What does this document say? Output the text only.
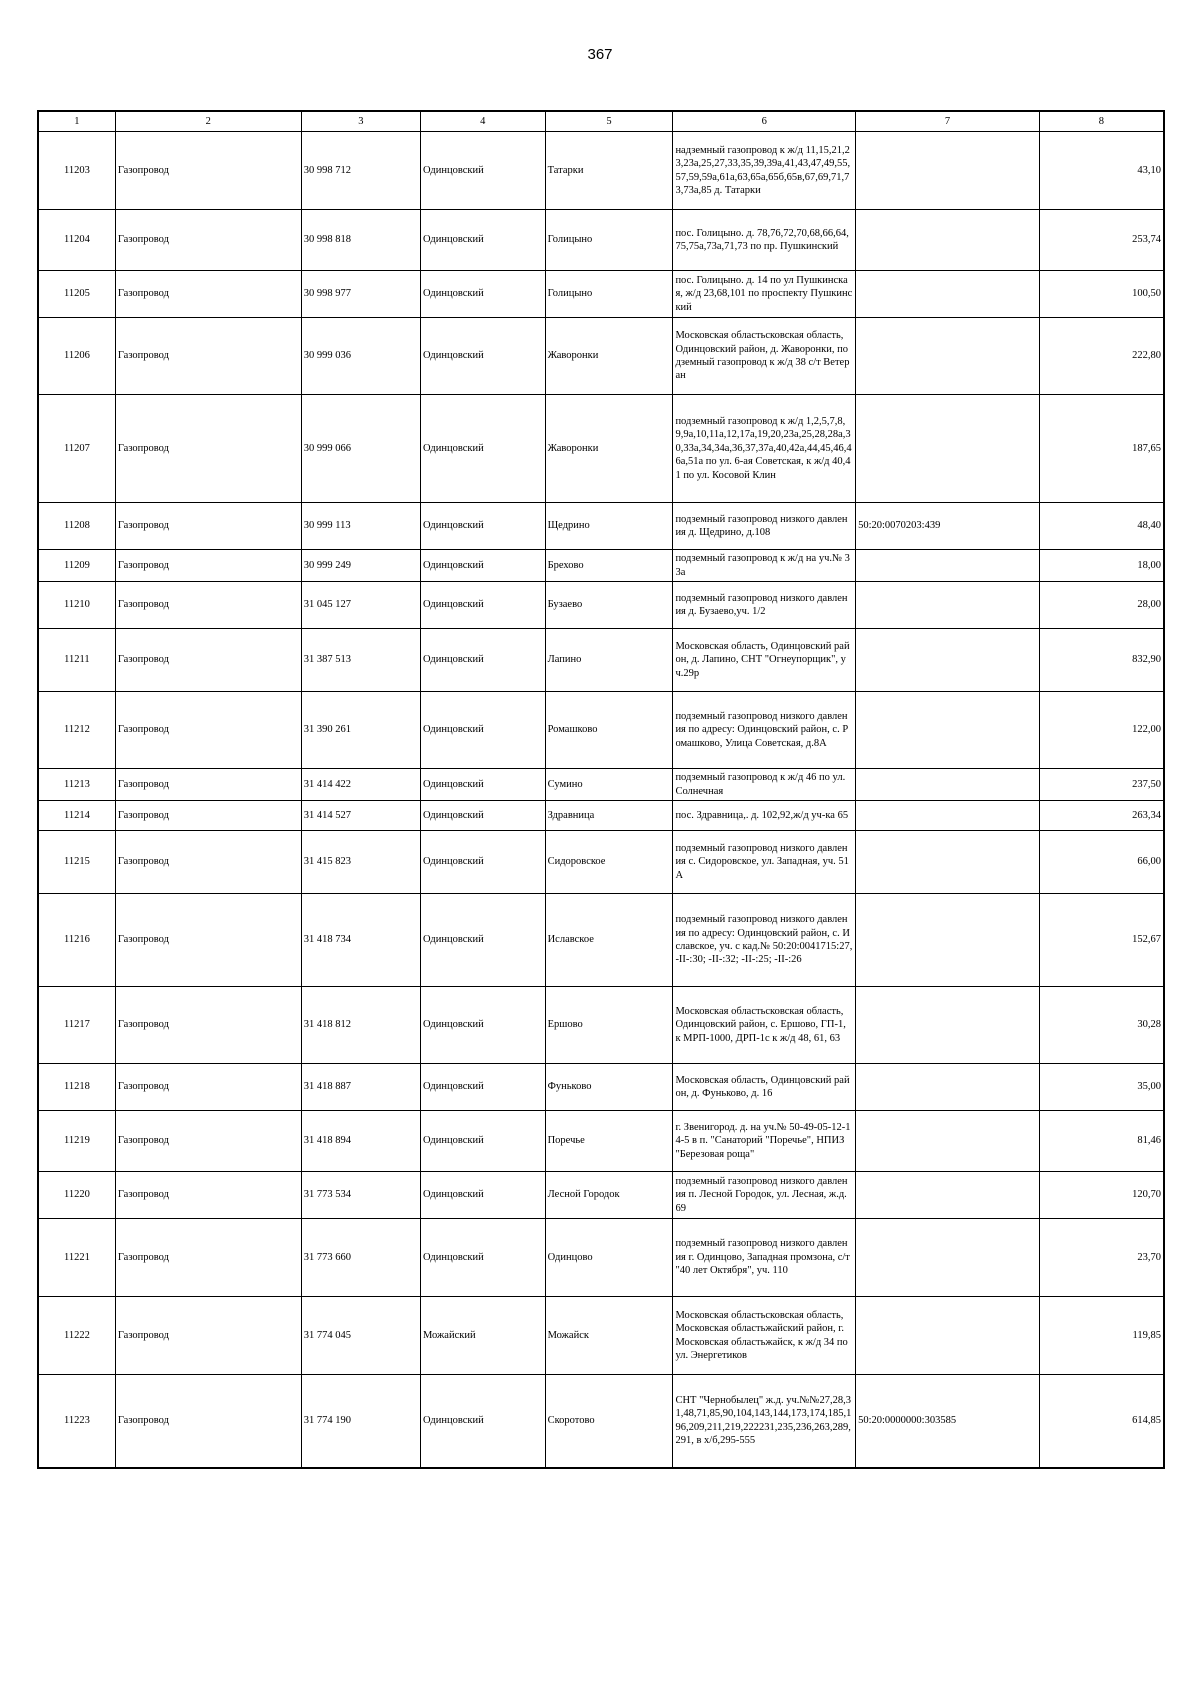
367
1	2	3	4	5	6	7	8
11203	Газопровод	30 998 712	Одинцовский	Татарки	надземный газопровод к ж/д 11,15,21,23,23а,25,27,33,35,39,39а,41,43,47,49,55,57,59,59а,61а,63,65а,65б,65в,67,69,71,73,73а,85 д. Татарки		43,10
11204	Газопровод	30 998 818	Одинцовский	Голицыно	пос. Голицыно. д. 78,76,72,70,68,66,64,75,75а,73а,71,73 по пр. Пушкинский		253,74
11205	Газопровод	30 998 977	Одинцовский	Голицыно	пос. Голицыно. д. 14 по ул Пушкинская, ж/д 23,68,101 по проспекту Пушкинский		100,50
11206	Газопровод	30 999 036	Одинцовский	Жаворонки	Московская областьсковская область, Одинцовский район, д. Жаворонки, подземный газопровод к ж/д 38 с/т Ветеран		222,80
11207	Газопровод	30 999 066	Одинцовский	Жаворонки	подземный газопровод к ж/д 1,2,5,7,8,9,9а,10,11а,12,17а,19,20,23а,25,28,28а,30,33а,34,34а,36,37,37а,40,42а,44,45,46,46а,51а по ул. 6-ая Советская, к ж/д 40,41 по ул. Косовой Клин		187,65
11208	Газопровод	30 999 113	Одинцовский	Щедрино	подземный газопровод низкого давления д. Щедрино, д.108	50:20:0070203:439	48,40
11209	Газопровод	30 999 249	Одинцовский	Брехово	подземный газопровод к ж/д на уч.№ 33а		18,00
11210	Газопровод	31 045 127	Одинцовский	Бузаево	подземный газопровод низкого давления д. Бузаево,уч. 1/2		28,00
11211	Газопровод	31 387 513	Одинцовский	Лапино	Московская область, Одинцовский район, д. Лапино, СНТ "Огнеупорщик", уч.29р		832,90
11212	Газопровод	31 390 261	Одинцовский	Ромашково	подземный газопровод низкого давления по адресу: Одинцовский район, с. Ромашково, Улица Советская, д.8А		122,00
11213	Газопровод	31 414 422	Одинцовский	Сумино	подземный газопровод к ж/д 46 по ул. Солнечная		237,50
11214	Газопровод	31 414 527	Одинцовский	Здравница	пос. Здравница,. д. 102,92,ж/д уч-ка 65		263,34
11215	Газопровод	31 415 823	Одинцовский	Сидоровское	подземный газопровод низкого давления с. Сидоровское, ул. Западная, уч. 51А		66,00
11216	Газопровод	31 418 734	Одинцовский	Иславское	подземный газопровод низкого давления по адресу: Одинцовский район, с. Иславское, уч. с кад.№ 50:20:0041715:27, -II-:30; -II-:32; -II-:25; -II-:26		152,67
11217	Газопровод	31 418 812	Одинцовский	Ершово	Московская областьсковская область, Одинцовский район, с. Ершово, ГП-1, к МРП-1000, ДРП-1с к ж/д 48, 61, 63		30,28
11218	Газопровод	31 418 887	Одинцовский	Фуньково	Московская область, Одинцовский район, д. Фуньково, д. 16		35,00
11219	Газопровод	31 418 894	Одинцовский	Поречье	г. Звенигород. д. на уч.№ 50-49-05-12-14-5 в п. "Санаторий "Поречье", НПИЗ "Березовая роща"		81,46
11220	Газопровод	31 773 534	Одинцовский	Лесной Городок	подземный газопровод низкого давления п. Лесной Городок, ул. Лесная, ж.д. 69		120,70
11221	Газопровод	31 773 660	Одинцовский	Одинцово	подземный газопровод низкого давления г. Одинцово, Западная промзона, с/т "40 лет Октября", уч. 110		23,70
11222	Газопровод	31 774 045	Можайский	Можайск	Московская областьсковская область, Московская областьжайский район, г. Московская областьжайск, к ж/д 34 по ул. Энергетиков		119,85
11223	Газопровод	31 774 190	Одинцовский	Скоротово	СНТ "Чернобылец" ж.д. уч.№№27,28,31,48,71,85,90,104,143,144,173,174,185,196,209,211,219,222231,235,236,263,289,291, в х/б,295-555	50:20:0000000:303585	614,85
